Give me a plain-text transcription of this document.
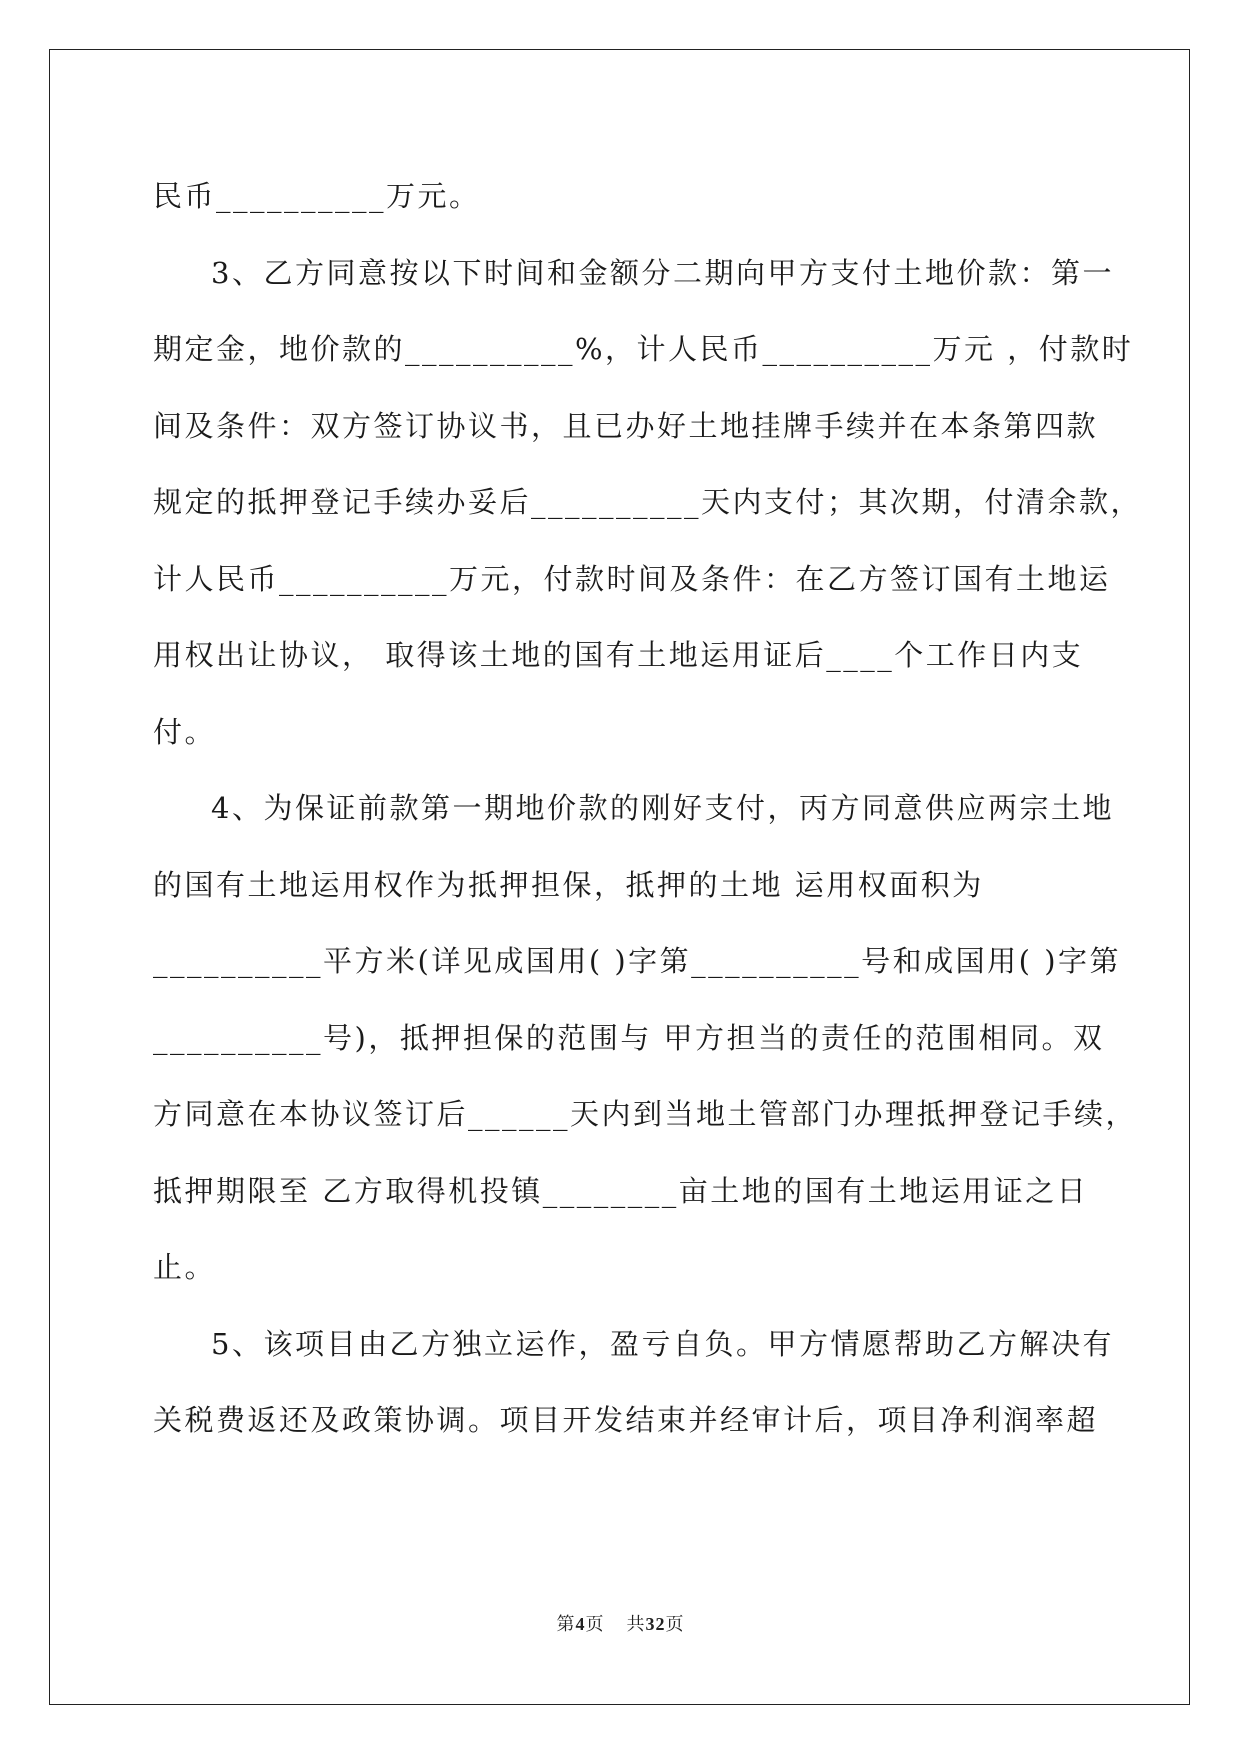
民币__________万元。
3、乙方同意按以下时间和金额分二期向甲方支付土地价款：第一
期定金，地价款的__________%，计人民币__________万元 ，付款时
间及条件：双方签订协议书，且已办好土地挂牌手续并在本条第四款
规定的抵押登记手续办妥后__________天内支付；其次期，付清余款，
计人民币__________万元，付款时间及条件：在乙方签订国有土地运
用权出让协议， 取得该土地的国有土地运用证后____个工作日内支
付。
4、为保证前款第一期地价款的刚好支付，丙方同意供应两宗土地
的国有土地运用权作为抵押担保，抵押的土地 运用权面积为
__________平方米(详见成国用( )字第__________号和成国用( )字第
__________号)，抵押担保的范围与 甲方担当的责任的范围相同。双
方同意在本协议签订后______天内到当地土管部门办理抵押登记手续，
抵押期限至 乙方取得机投镇________亩土地的国有土地运用证之日
止。
5、该项目由乙方独立运作，盈亏自负。甲方情愿帮助乙方解决有
关税费返还及政策协调。项目开发结束并经审计后，项目净利润率超
第4页 共32页
